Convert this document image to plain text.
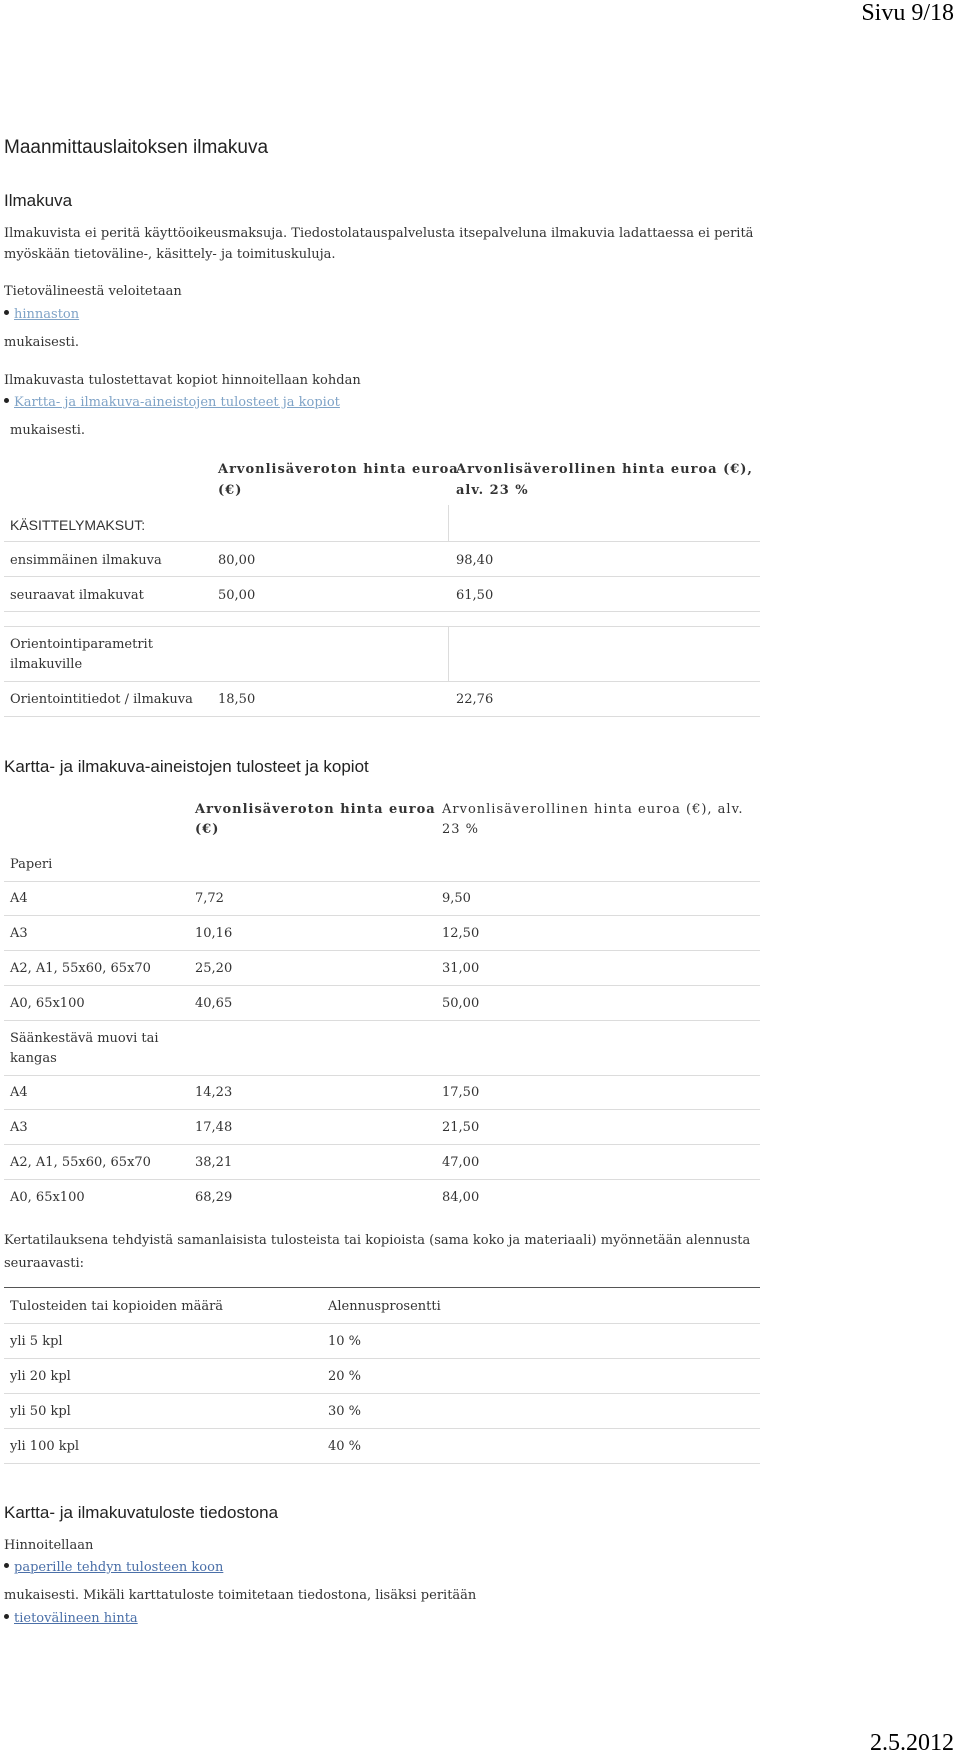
Sivu 9/18
Maanmittauslaitoksen ilmakuva
Ilmakuva
Ilmakuvista ei peritä käyttöoikeusmaksuja. Tiedostolatauspalvelusta itsepalveluna ilmakuvia ladattaessa ei peritä
myöskään tietoväline-, käsittely- ja toimituskuluja.
Tietovälineestä veloitetaan
hinnaston
mukaisesti.
Ilmakuvasta tulostettavat kopiot hinnoitellaan kohdan
Kartta- ja ilmakuva-aineistojen tulosteet ja kopiot
mukaisesti.
Arvonlisäveroton hinta euroa
(€)
Arvonlisäverollinen hinta euroa (€),
alv. 23 %
KÄSITTELYMAKSUT:
ensimmäinen ilmakuva	80,00	98,40
seuraavat ilmakuvat	50,00	61,50
Orientointiparametrit
ilmakuville
Orientointitiedot / ilmakuva 18,50	22,76
Kartta- ja ilmakuva-aineistojen tulosteet ja kopiot
Arvonlisäveroton hinta euroa
(€)
Arvonlisäverollinen hinta euroa (€), alv.
23 %
Paperi
A4	7,72	9,50
A3	10,16	12,50
A2, A1, 55x60, 65x70	25,20	31,00
A0, 65x100	40,65	50,00
Säänkestävä muovi tai
kangas
A4	14,23	17,50
A3	17,48	21,50
A2, A1, 55x60, 65x70	38,21	47,00
A0, 65x100	68,29	84,00
Kertatilauksena tehdyistä samanlaisista tulosteista tai kopioista (sama koko ja materiaali) myönnetään alennusta
seuraavasti:
Tulosteiden tai kopioiden määrä	Alennusprosentti
yli 5 kpl	10 %
yli 20 kpl	20 %
yli 50 kpl	30 %
yli 100 kpl	40 %
Kartta- ja ilmakuvatuloste tiedostona
Hinnoitellaan
paperille tehdyn tulosteen koon
mukaisesti. Mikäli karttatuloste toimitetaan tiedostona, lisäksi peritään
tietovälineen hinta
2.5.2012
